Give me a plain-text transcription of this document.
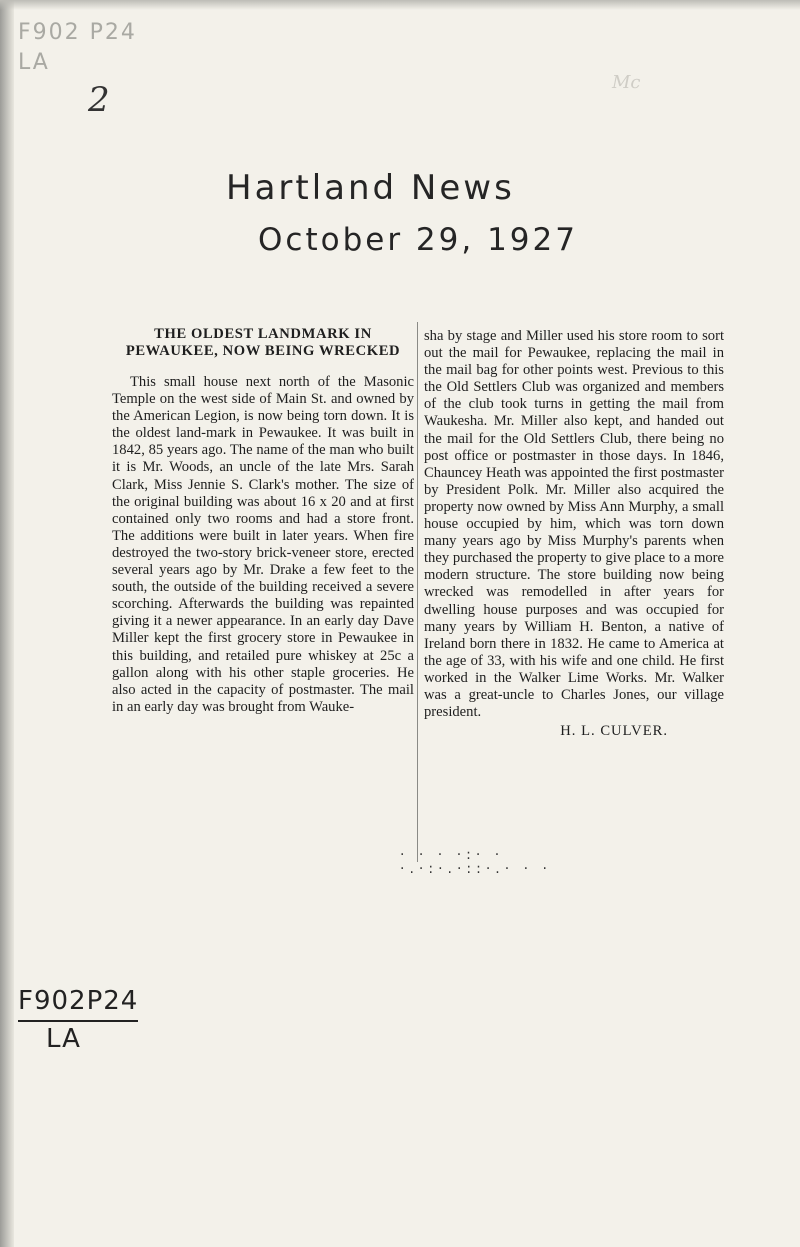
F902 P24
LA
Mc
2
Hartland News
October 29, 1927
THE OLDEST LANDMARK IN PEWAUKEE, NOW BEING WRECKED

This small house next north of the Masonic Temple on the west side of Main St. and owned by the American Legion, is now being torn down. It is the oldest land-mark in Pewaukee. It was built in 1842, 85 years ago. The name of the man who built it is Mr. Woods, an uncle of the late Mrs. Sarah Clark, Miss Jennie S. Clark's mother. The size of the original building was about 16 x 20 and at first contained only two rooms and had a store front. The additions were built in later years. When fire destroyed the two-story brick-veneer store, erected several years ago by Mr. Drake a few feet to the south, the outside of the building received a severe scorching. Afterwards the building was repainted giving it a newer appearance. In an early day Dave Miller kept the first grocery store in Pewaukee in this building, and retailed pure whiskey at 25c a gallon along with his other staple groceries. He also acted in the capacity of postmaster. The mail in an early day was brought from Wauke-

sha by stage and Miller used his store room to sort out the mail for Pewaukee, replacing the mail in the mail bag for other points west. Previous to this the Old Settlers Club was organized and members of the club took turns in getting the mail from Waukesha. Mr. Miller also kept, and handed out the mail for the Old Settlers Club, there being no post office or postmaster in those days. In 1846, Chauncey Heath was appointed the first postmaster by President Polk. Mr. Miller also acquired the property now owned by Miss Ann Murphy, a small house occupied by him, which was torn down many years ago by Miss Murphy's parents when they purchased the property to give place to a more modern structure. The store building now being wrecked was remodelled in after years for dwelling house purposes and was occupied for many years by William H. Benton, a native of Ireland born there in 1832. He came to America at the age of 33, with his wife and one child. He first worked in the Walker Lime Works. Mr. Walker was a great-uncle to Charles Jones, our village president.

H. L. CULVER.
· · · ·:· ·
·.·:·.·::·.· · ·
F902P24
LA
